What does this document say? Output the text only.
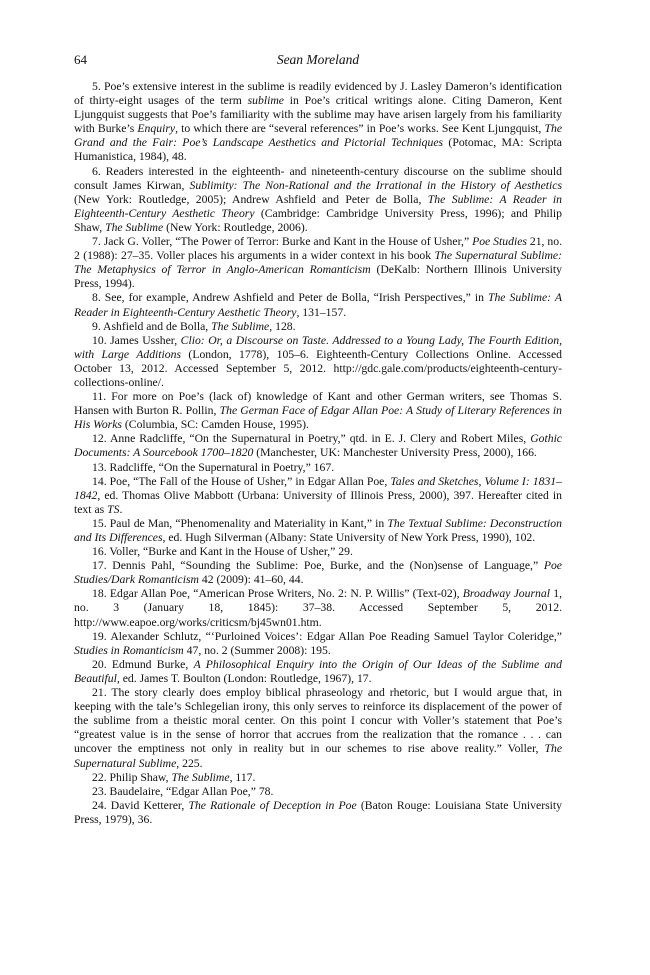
64	Sean Moreland

5. Poe’s extensive interest in the sublime is readily evidenced by J. Lasley Dameron’s identification of thirty-eight usages of the term sublime in Poe’s critical writings alone. Citing Dameron, Kent Ljungquist suggests that Poe’s familiarity with the sublime may have arisen largely from his familiarity with Burke’s Enquiry, to which there are “several references” in Poe’s works. See Kent Ljungquist, The Grand and the Fair: Poe’s Landscape Aesthetics and Pictorial Techniques (Potomac, MA: Scripta Humanistica, 1984), 48.

6. Readers interested in the eighteenth- and nineteenth-century discourse on the sublime should consult James Kirwan, Sublimity: The Non-Rational and the Irrational in the History of Aesthetics (New York: Routledge, 2005); Andrew Ashfield and Peter de Bolla, The Sublime: A Reader in Eighteenth-Century Aesthetic Theory (Cambridge: Cambridge University Press, 1996); and Philip Shaw, The Sublime (New York: Routledge, 2006).

7. Jack G. Voller, “The Power of Terror: Burke and Kant in the House of Usher,” Poe Studies 21, no. 2 (1988): 27–35. Voller places his arguments in a wider context in his book The Supernatural Sublime: The Metaphysics of Terror in Anglo-American Romanticism (DeKalb: Northern Illinois University Press, 1994).

8. See, for example, Andrew Ashfield and Peter de Bolla, “Irish Perspectives,” in The Sublime: A Reader in Eighteenth-Century Aesthetic Theory, 131–157.

9. Ashfield and de Bolla, The Sublime, 128.

10. James Ussher, Clio: Or, a Discourse on Taste. Addressed to a Young Lady, The Fourth Edition, with Large Additions (London, 1778), 105–6. Eighteenth-Century Collections Online. Accessed October 13, 2012. Accessed September 5, 2012. http://gdc.gale.com/products/eighteenth-century-collections-online/.

11. For more on Poe’s (lack of) knowledge of Kant and other German writers, see Thomas S. Hansen with Burton R. Pollin, The German Face of Edgar Allan Poe: A Study of Literary References in His Works (Columbia, SC: Camden House, 1995).

12. Anne Radcliffe, “On the Supernatural in Poetry,” qtd. in E. J. Clery and Robert Miles, Gothic Documents: A Sourcebook 1700–1820 (Manchester, UK: Manchester University Press, 2000), 166.

13. Radcliffe, “On the Supernatural in Poetry,” 167.

14. Poe, “The Fall of the House of Usher,” in Edgar Allan Poe, Tales and Sketches, Volume I: 1831–1842, ed. Thomas Olive Mabbott (Urbana: University of Illinois Press, 2000), 397. Hereafter cited in text as TS.

15. Paul de Man, “Phenomenality and Materiality in Kant,” in The Textual Sublime: Deconstruction and Its Differences, ed. Hugh Silverman (Albany: State University of New York Press, 1990), 102.

16. Voller, “Burke and Kant in the House of Usher,” 29.

17. Dennis Pahl, “Sounding the Sublime: Poe, Burke, and the (Non)sense of Language,” Poe Studies/Dark Romanticism 42 (2009): 41–60, 44.

18. Edgar Allan Poe, “American Prose Writers, No. 2: N. P. Willis” (Text-02), Broadway Journal 1, no. 3 (January 18, 1845): 37–38. Accessed September 5, 2012. http://www.eapoe.org/works/criticsm/bj45wn01.htm.

19. Alexander Schlutz, “‘Purloined Voices’: Edgar Allan Poe Reading Samuel Taylor Coleridge,” Studies in Romanticism 47, no. 2 (Summer 2008): 195.

20. Edmund Burke, A Philosophical Enquiry into the Origin of Our Ideas of the Sublime and Beautiful, ed. James T. Boulton (London: Routledge, 1967), 17.

21. The story clearly does employ biblical phraseology and rhetoric, but I would argue that, in keeping with the tale’s Schlegelian irony, this only serves to reinforce its displacement of the power of the sublime from a theistic moral center. On this point I concur with Voller’s statement that Poe’s “greatest value is in the sense of horror that accrues from the realization that the romance . . . can uncover the emptiness not only in reality but in our schemes to rise above reality.” Voller, The Supernatural Sublime, 225.

22. Philip Shaw, The Sublime, 117.

23. Baudelaire, “Edgar Allan Poe,” 78.

24. David Ketterer, The Rationale of Deception in Poe (Baton Rouge: Louisiana State University Press, 1979), 36.
